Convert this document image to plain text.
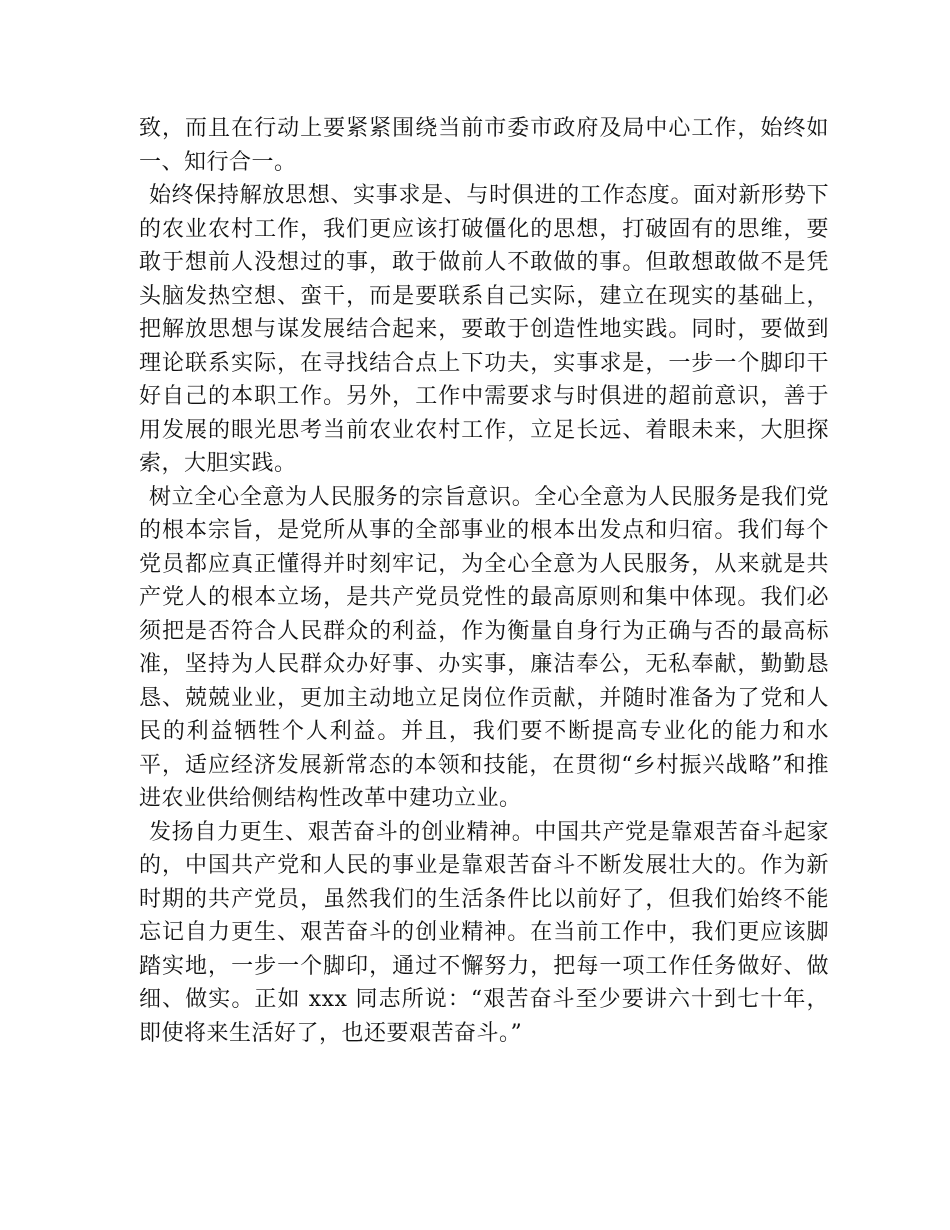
致，而且在行动上要紧紧围绕当前市委市政府及局中心工作，始终如一、知行合一。

始终保持解放思想、实事求是、与时俱进的工作态度。面对新形势下的农业农村工作，我们更应该打破僵化的思想，打破固有的思维，要敢于想前人没想过的事，敢于做前人不敢做的事。但敢想敢做不是凭头脑发热空想、蛮干，而是要联系自己实际，建立在现实的基础上，把解放思想与谋发展结合起来，要敢于创造性地实践。同时，要做到理论联系实际，在寻找结合点上下功夫，实事求是，一步一个脚印干好自己的本职工作。另外，工作中需要求与时俱进的超前意识，善于用发展的眼光思考当前农业农村工作，立足长远、着眼未来，大胆探索，大胆实践。

树立全心全意为人民服务的宗旨意识。全心全意为人民服务是我们党的根本宗旨，是党所从事的全部事业的根本出发点和归宿。我们每个党员都应真正懂得并时刻牢记，为全心全意为人民服务，从来就是共产党人的根本立场，是共产党员党性的最高原则和集中体现。我们必须把是否符合人民群众的利益，作为衡量自身行为正确与否的最高标准，坚持为人民群众办好事、办实事，廉洁奉公，无私奉献，勤勤恳恳、兢兢业业，更加主动地立足岗位作贡献，并随时准备为了党和人民的利益牺牲个人利益。并且，我们要不断提高专业化的能力和水平，适应经济发展新常态的本领和技能，在贯彻“乡村振兴战略”和推进农业供给侧结构性改革中建功立业。

发扬自力更生、艰苦奋斗的创业精神。中国共产党是靠艰苦奋斗起家的，中国共产党和人民的事业是靠艰苦奋斗不断发展壮大的。作为新时期的共产党员，虽然我们的生活条件比以前好了，但我们始终不能忘记自力更生、艰苦奋斗的创业精神。在当前工作中，我们更应该脚踏实地，一步一个脚印，通过不懈努力，把每一项工作任务做好、做细、做实。正如 xxx 同志所说：“艰苦奋斗至少要讲六十到七十年，即使将来生活好了，也还要艰苦奋斗。”
